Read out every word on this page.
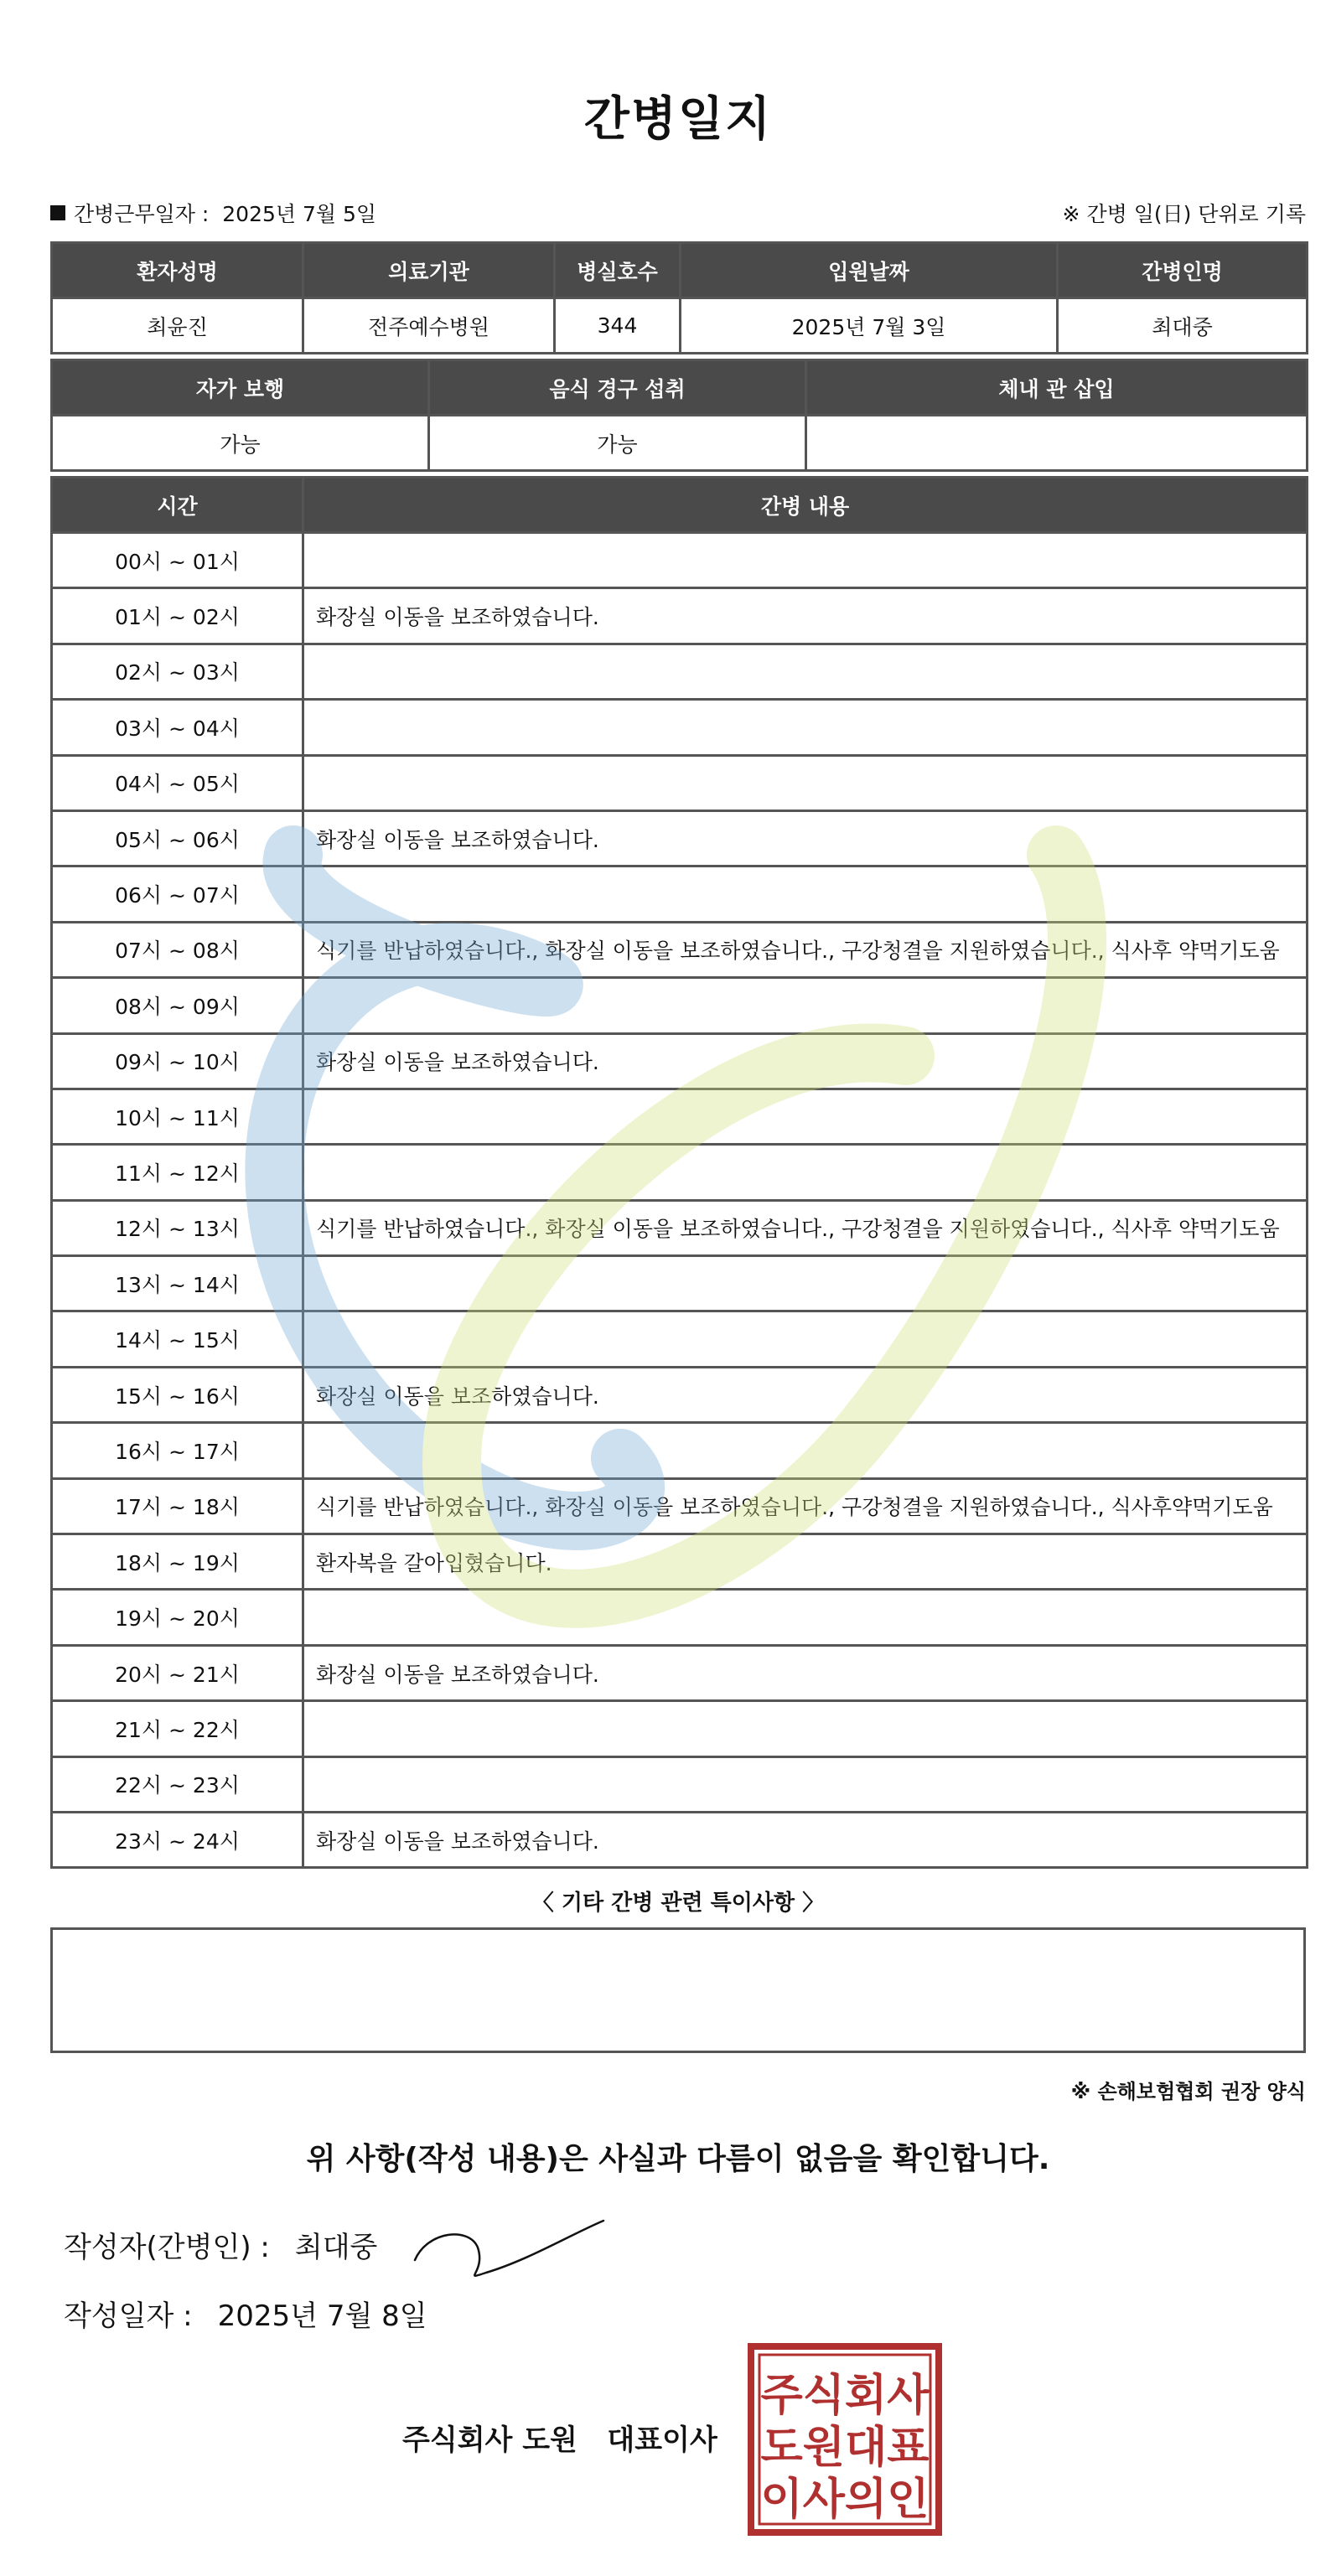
간병일지
간병근무일자 : 2025년 7월 5일	※ 간병 일(日) 단위로 기록
환자성명	의료기관	병실호수	입원날짜	간병인명
최윤진	전주예수병원	344	2025년 7월 3일	최대중
자가 보행	음식 경구 섭취	체내 관 삽입
가능	가능	
시간	간병 내용
00시 ~ 01시	
01시 ~ 02시	화장실 이동을 보조하였습니다.
02시 ~ 03시	
03시 ~ 04시	
04시 ~ 05시	
05시 ~ 06시	화장실 이동을 보조하였습니다.
06시 ~ 07시	
07시 ~ 08시	식기를 반납하였습니다., 화장실 이동을 보조하였습니다., 구강청결을 지원하였습니다., 식사후 약먹기도움
08시 ~ 09시	
09시 ~ 10시	화장실 이동을 보조하였습니다.
10시 ~ 11시	
11시 ~ 12시	
12시 ~ 13시	식기를 반납하였습니다., 화장실 이동을 보조하였습니다., 구강청결을 지원하였습니다., 식사후 약먹기도움
13시 ~ 14시	
14시 ~ 15시	
15시 ~ 16시	화장실 이동을 보조하였습니다.
16시 ~ 17시	
17시 ~ 18시	식기를 반납하였습니다., 화장실 이동을 보조하였습니다., 구강청결을 지원하였습니다., 식사후약먹기도움
18시 ~ 19시	환자복을 갈아입혔습니다.
19시 ~ 20시	
20시 ~ 21시	화장실 이동을 보조하였습니다.
21시 ~ 22시	
22시 ~ 23시	
23시 ~ 24시	화장실 이동을 보조하였습니다.
〈 기타 간병 관련 특이사항 〉
※ 손해보험협회 권장 양식
위 사항(작성 내용)은 사실과 다름이 없음을 확인합니다.
작성자(간병인) : 최대중
작성일자 : 2025년 7월 8일
주식회사 도원   대표이사
주식회사
도원대표
이사의인
